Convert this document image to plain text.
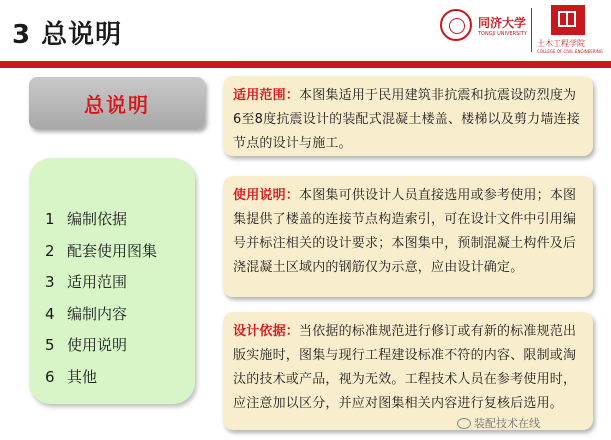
3 总说明	同济大学
TONGJI UNIVERSITY
土木工程学院
COLLEGE OF CIVIL ENGINEERING
总说明
1 编制依据
2 配套使用图集
3 适用范围
4 编制内容
5 使用说明
6 其他
适用范围：本图集适用于民用建筑非抗震和抗震设防烈度为6至8度抗震设计的装配式混凝土楼盖、楼梯以及剪力墙连接节点的设计与施工。
使用说明：本图集可供设计人员直接选用或参考使用；本图集提供了楼盖的连接节点构造索引，可在设计文件中引用编号并标注相关的设计要求；本图集中，预制混凝土构件及后浇混凝土区域内的钢筋仅为示意，应由设计确定。
设计依据：当依据的标准规范进行修订或有新的标准规范出版实施时，图集与现行工程建设标准不符的内容、限制或淘汰的技术或产品，视为无效。工程技术人员在参考使用时，应注意加以区分，并应对图集相关内容进行复核后选用。
装配技术在线
